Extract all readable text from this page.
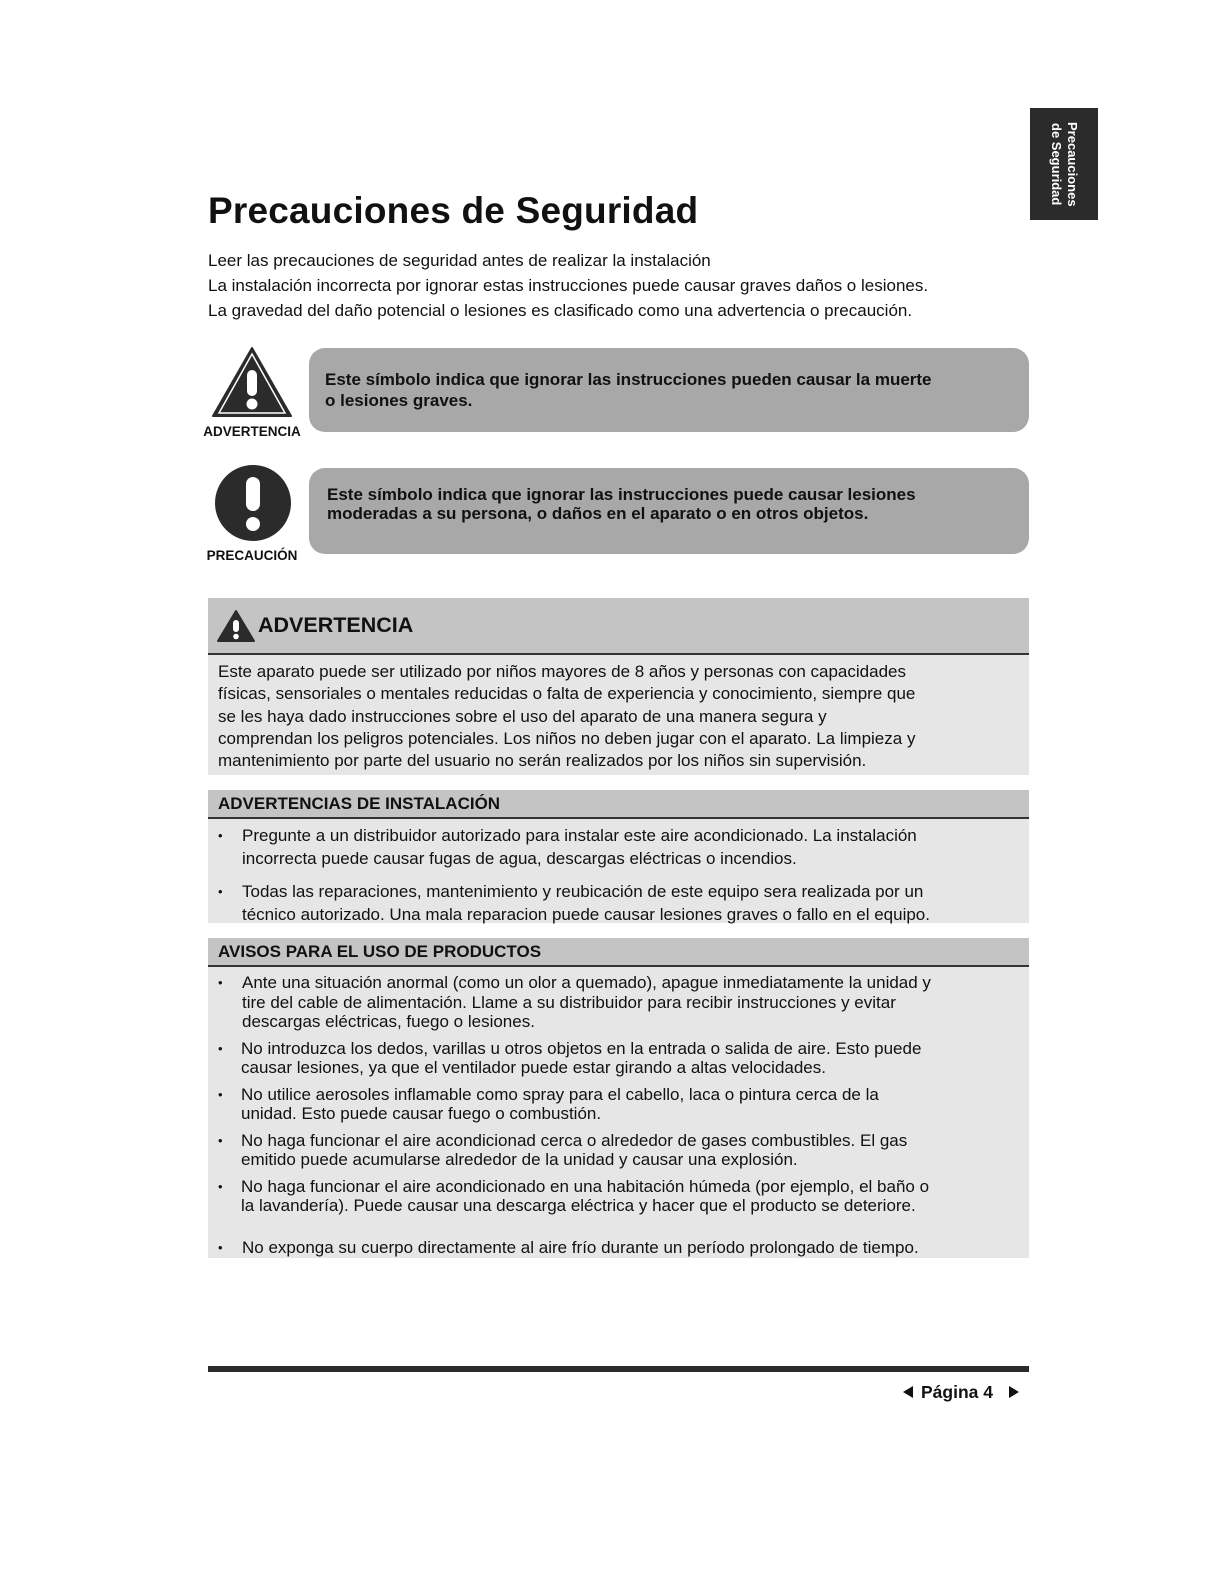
Precauciones
de Seguridad
Precauciones de Seguridad
Leer las precauciones de seguridad antes de realizar la instalación
La instalación incorrecta por ignorar estas instrucciones puede causar graves daños o lesiones.
La gravedad del daño potencial o lesiones es clasificado como una advertencia o precaución.
ADVERTENCIA
Este símbolo indica que ignorar las instrucciones pueden causar la muerte
o lesiones graves.
PRECAUCIÓN
Este símbolo indica que ignorar las instrucciones puede causar lesiones
moderadas a su persona, o daños en el aparato o en otros objetos.
ADVERTENCIA
Este aparato puede ser utilizado por niños mayores de 8 años y personas con capacidades
físicas, sensoriales o mentales reducidas o falta de experiencia y conocimiento, siempre que
se les haya dado instrucciones sobre el uso del aparato de una manera segura y
comprendan los peligros potenciales. Los niños no deben jugar con el aparato. La limpieza y
mantenimiento por parte del usuario no serán realizados por los niños sin supervisión.
ADVERTENCIAS DE INSTALACIÓN
• Pregunte a un distribuidor autorizado para instalar este aire acondicionado. La instalación
incorrecta puede causar fugas de agua, descargas eléctricas o incendios.
• Todas las reparaciones, mantenimiento y reubicación de este equipo sera realizada por un
técnico autorizado. Una mala reparacion puede causar lesiones graves o fallo en el equipo.
AVISOS PARA EL USO DE PRODUCTOS
• Ante una situación anormal (como un olor a quemado), apague inmediatamente la unidad y
tire del cable de alimentación. Llame a su distribuidor para recibir instrucciones y evitar
descargas eléctricas, fuego o lesiones.
• No introduzca los dedos, varillas u otros objetos en la entrada o salida de aire. Esto puede
causar lesiones, ya que el ventilador puede estar girando a altas velocidades.
• No utilice aerosoles inflamable como spray para el cabello, laca o pintura cerca de la
unidad. Esto puede causar fuego o combustión.
• No haga funcionar el aire acondicionad cerca o alrededor de gases combustibles. El gas
emitido puede acumularse alrededor de la unidad y causar una explosión.
• No haga funcionar el aire acondicionado en una habitación húmeda (por ejemplo, el baño o
la lavandería). Puede causar una descarga eléctrica y hacer que el producto se deteriore.
• No exponga su cuerpo directamente al aire frío durante un período prolongado de tiempo.
Página 4
